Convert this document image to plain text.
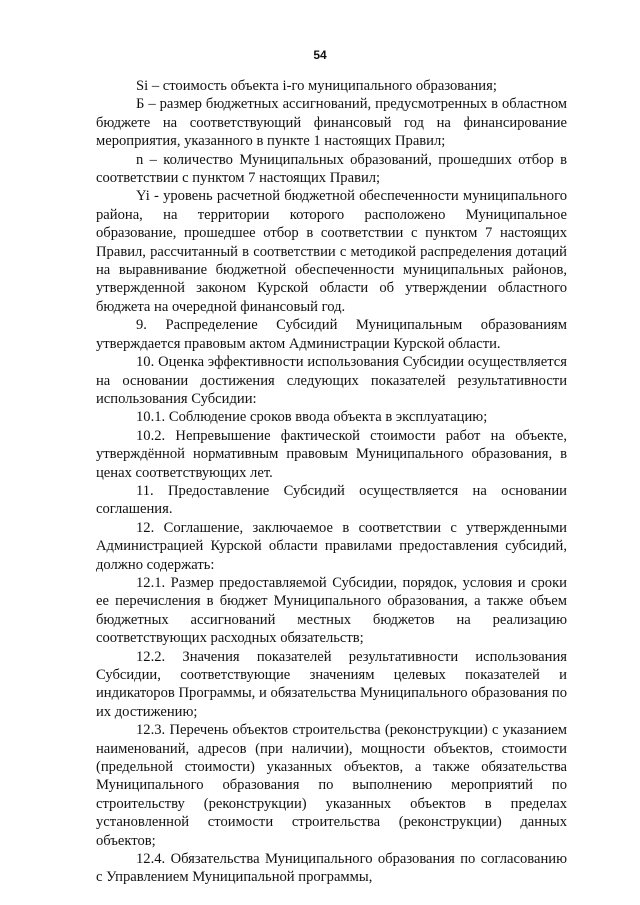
54

Si – стоимость объекта i-го муниципального образования;

Б – размер бюджетных ассигнований, предусмотренных в областном бюджете на соответствующий финансовый год на финансирование мероприятия, указанного в пункте 1 настоящих Правил;

n – количество Муниципальных образований, прошедших отбор в соответствии с пунктом 7 настоящих Правил;

Yi - уровень расчетной бюджетной обеспеченности муниципального района, на территории которого расположено Муниципальное образование, прошедшее отбор в соответствии с пунктом 7 настоящих Правил, рассчитанный в соответствии с методикой распределения дотаций на выравнивание бюджетной обеспеченности муниципальных районов, утвержденной законом Курской области об утверждении областного бюджета на очередной финансовый год.

9. Распределение Субсидий Муниципальным образованиям утверждается правовым актом Администрации Курской области.

10. Оценка эффективности использования Субсидии осуществляется на основании достижения следующих показателей результативности использования Субсидии:

10.1. Соблюдение сроков ввода объекта в эксплуатацию;

10.2. Непревышение фактической стоимости работ на объекте, утверждённой нормативным правовым Муниципального образования, в ценах соответствующих лет.

11. Предоставление Субсидий осуществляется на основании соглашения.

12. Соглашение, заключаемое в соответствии с утвержденными Администрацией Курской области правилами предоставления субсидий, должно содержать:

12.1. Размер предоставляемой Субсидии, порядок, условия и сроки ее перечисления в бюджет Муниципального образования, а также объем бюджетных ассигнований местных бюджетов на реализацию соответствующих расходных обязательств;

12.2. Значения показателей результативности использования Субсидии, соответствующие значениям целевых показателей и индикаторов Программы, и обязательства Муниципального образования по их достижению;

12.3. Перечень объектов строительства (реконструкции) с указанием наименований, адресов (при наличии), мощности объектов, стоимости (предельной стоимости) указанных объектов, а также обязательства Муниципального образования по выполнению мероприятий по строительству (реконструкции) указанных объектов в пределах установленной стоимости строительства (реконструкции) данных объектов;

12.4. Обязательства Муниципального образования по согласованию с Управлением Муниципальной программы,
